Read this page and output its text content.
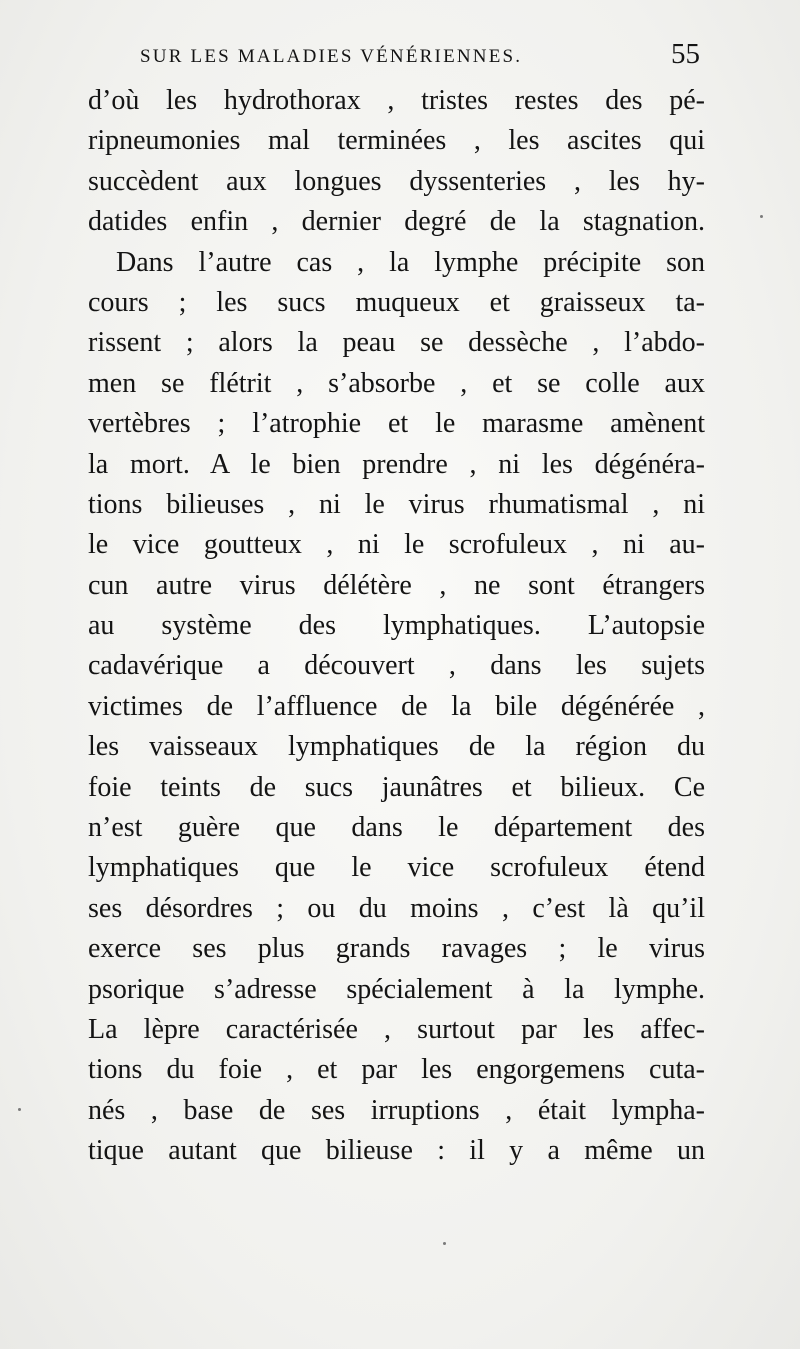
SUR LES MALADIES VÉNÉRIENNES.	55
d’où les hydrothorax , tristes restes des pé-
ripneumonies mal terminées , les ascites qui
succèdent aux longues dyssenteries , les hy-
datides enfin , dernier degré de la stagnation.
Dans l’autre cas , la lymphe précipite son
cours ; les sucs muqueux et graisseux ta-
rissent ; alors la peau se dessèche , l’abdo-
men se flétrit , s’absorbe , et se colle aux
vertèbres ; l’atrophie et le marasme amènent
la mort. A le bien prendre , ni les dégénéra-
tions bilieuses , ni le virus rhumatismal , ni
le vice goutteux , ni le scrofuleux , ni au-
cun autre virus délétère , ne sont étrangers
au système des lymphatiques. L’autopsie
cadavérique a découvert , dans les sujets
victimes de l’affluence de la bile dégénérée ,
les vaisseaux lymphatiques de la région du
foie teints de sucs jaunâtres et bilieux. Ce
n’est guère que dans le département des
lymphatiques que le vice scrofuleux étend
ses désordres ; ou du moins , c’est là qu’il
exerce ses plus grands ravages ; le virus
psorique s’adresse spécialement à la lymphe.
La lèpre caractérisée , surtout par les affec-
tions du foie , et par les engorgemens cuta-
nés , base de ses irruptions , était lympha-
tique autant que bilieuse : il y a même un
